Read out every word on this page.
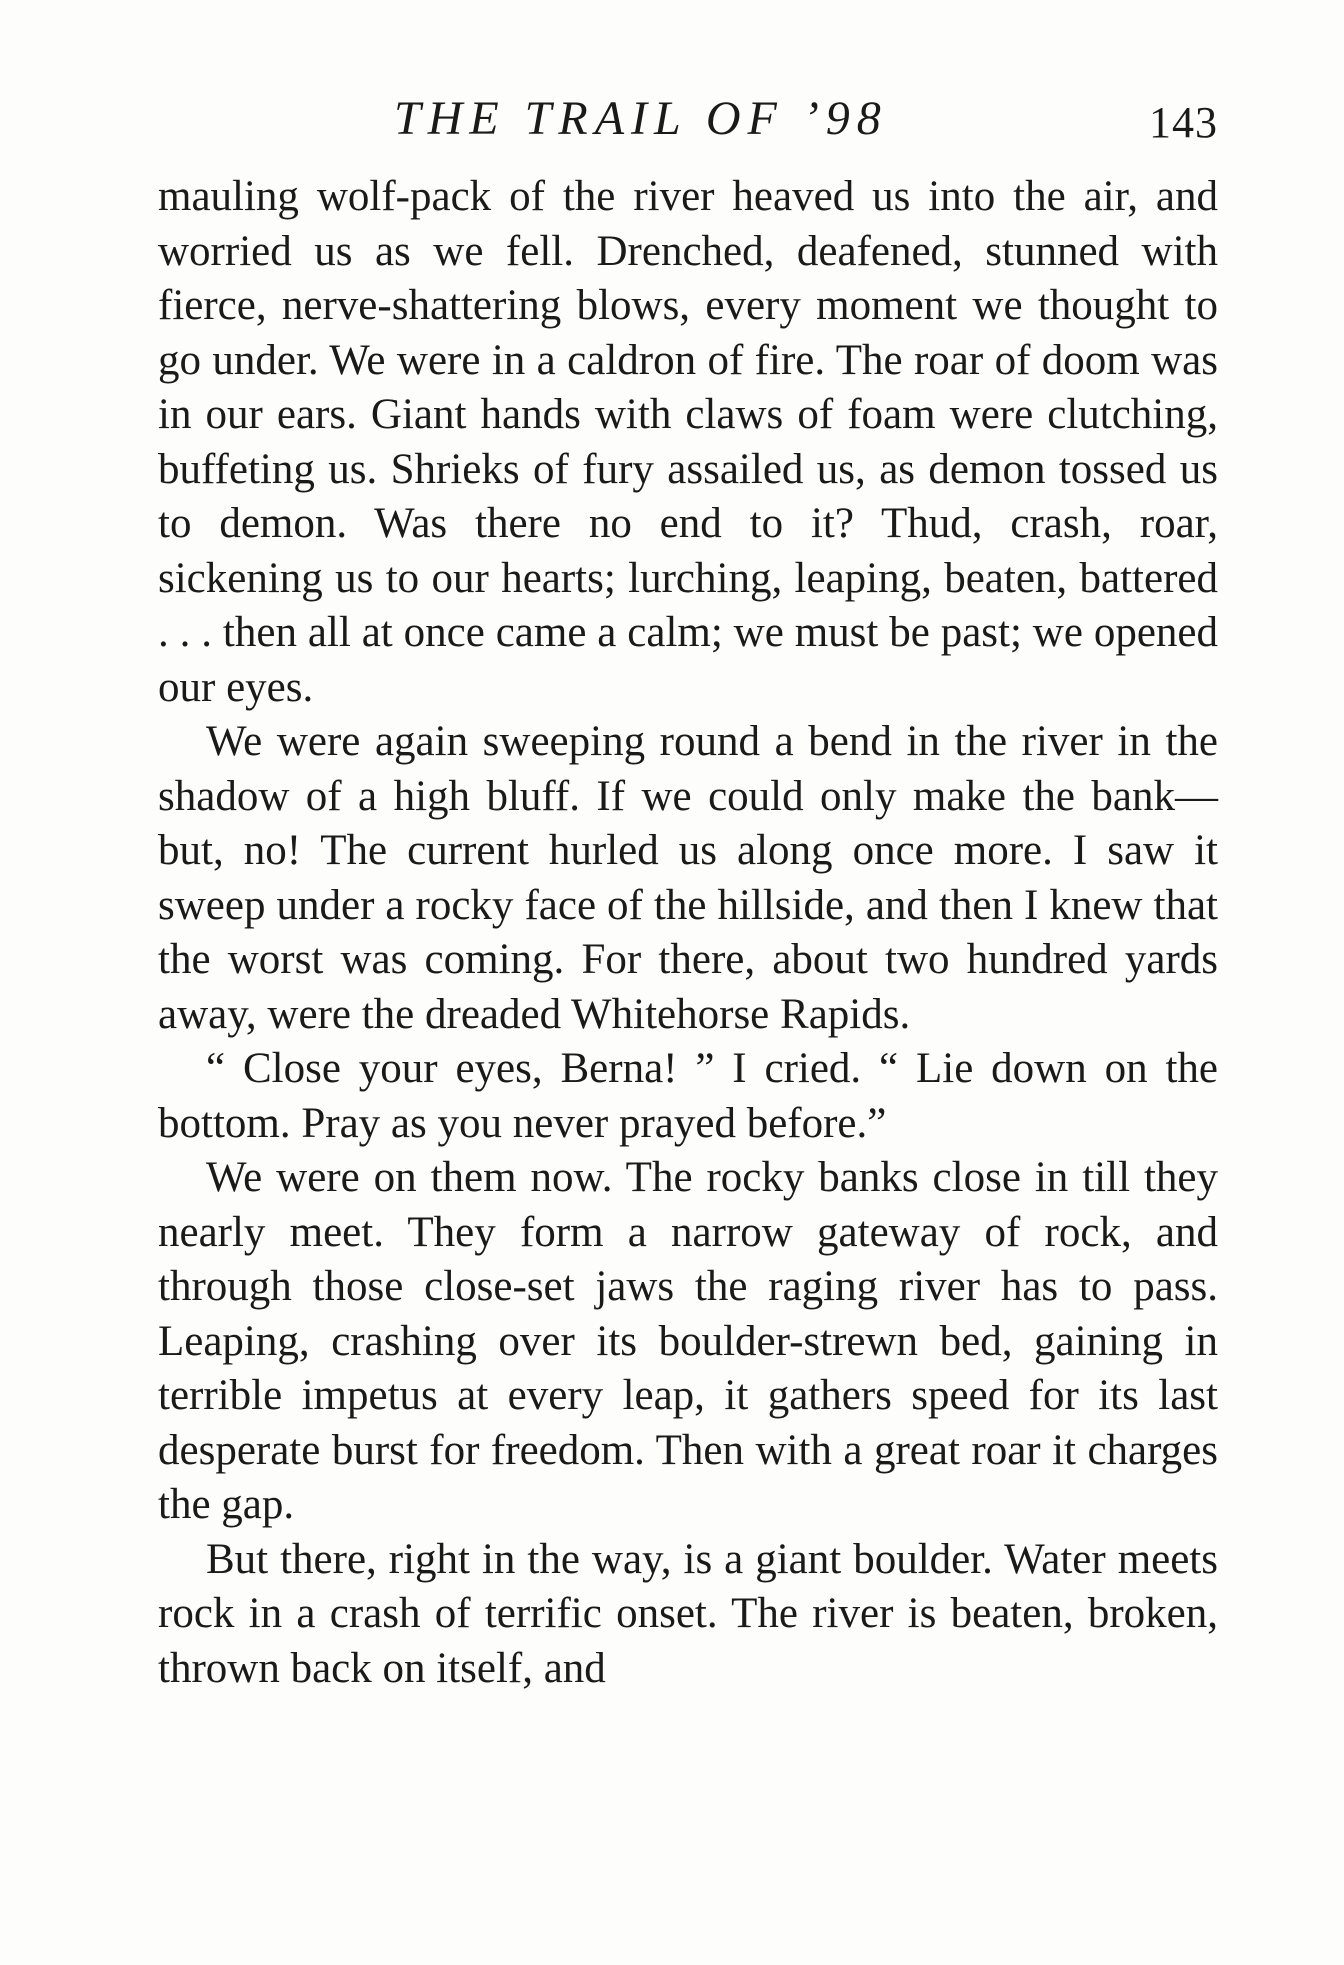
THE TRAIL OF ’98	143

mauling wolf-pack of the river heaved us into the air, and worried us as we fell. Drenched, deafened, stunned with fierce, nerve-shattering blows, every moment we thought to go under. We were in a caldron of fire. The roar of doom was in our ears. Giant hands with claws of foam were clutching, buffeting us. Shrieks of fury assailed us, as demon tossed us to demon. Was there no end to it? Thud, crash, roar, sickening us to our hearts; lurching, leaping, beaten, battered . . . then all at once came a calm; we must be past; we opened our eyes.

We were again sweeping round a bend in the river in the shadow of a high bluff. If we could only make the bank—but, no! The current hurled us along once more. I saw it sweep under a rocky face of the hillside, and then I knew that the worst was coming. For there, about two hundred yards away, were the dreaded Whitehorse Rapids.

“ Close your eyes, Berna! ” I cried. “ Lie down on the bottom. Pray as you never prayed before.”

We were on them now. The rocky banks close in till they nearly meet. They form a narrow gateway of rock, and through those close-set jaws the raging river has to pass. Leaping, crashing over its boulder-strewn bed, gaining in terrible impetus at every leap, it gathers speed for its last desperate burst for freedom. Then with a great roar it charges the gap.

But there, right in the way, is a giant boulder. Water meets rock in a crash of terrific onset. The river is beaten, broken, thrown back on itself, and
